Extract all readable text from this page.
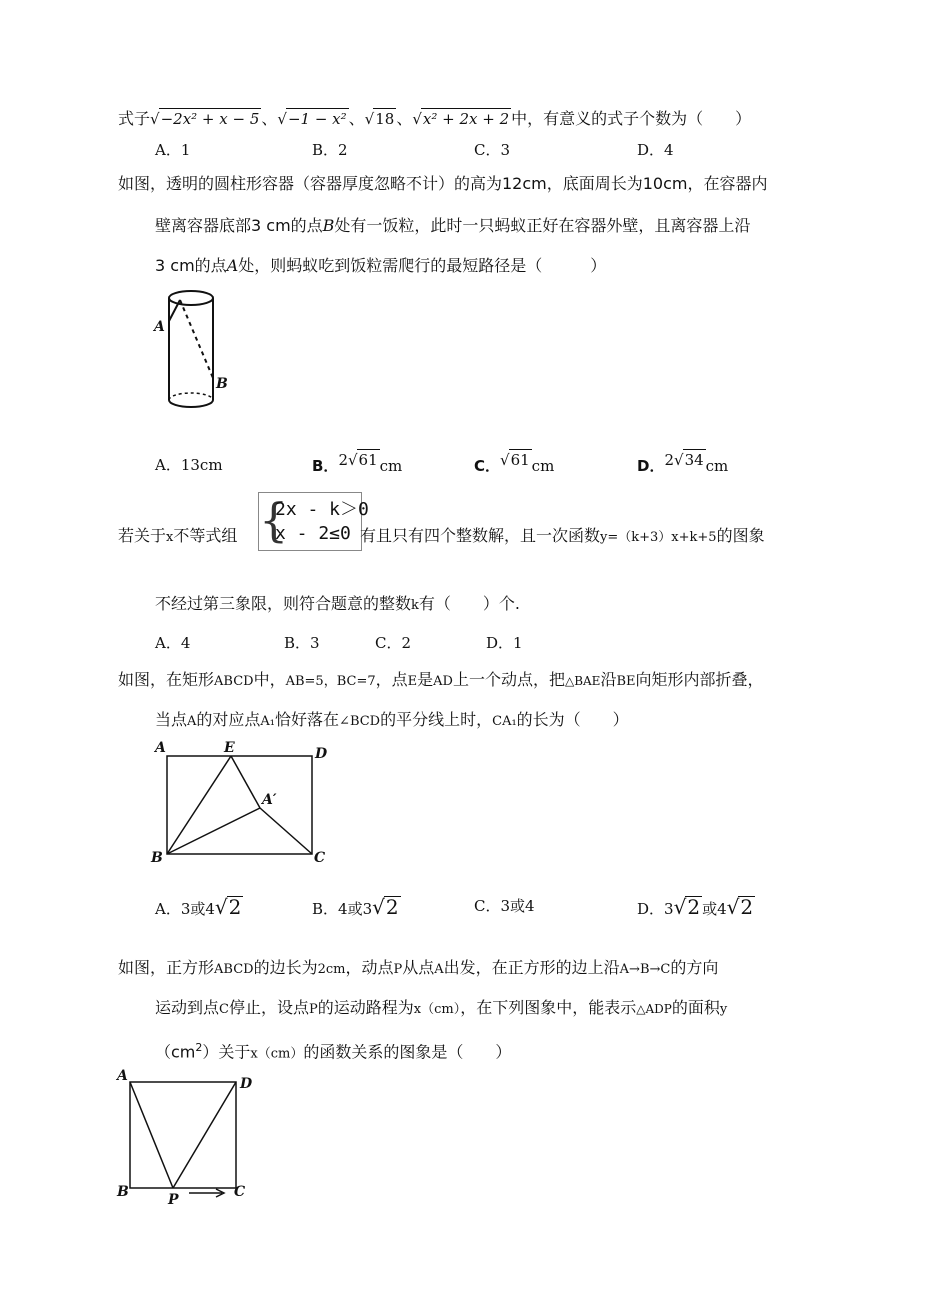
式子√−2x² + x − 5 、√−1 − x² 、√18 、√x² + 2x + 2 中，有意义的式子个数为（　　）
A．1	B．2	C．3	D．4
如图，透明的圆柱形容器（容器厚度忽略不计）的高为12cm，底面周长为10cm，在容器内
壁离容器底部3 cm的点B处有一饭粒，此时一只蚂蚁正好在容器外壁，且离容器上沿
3 cm的点A处，则蚂蚁吃到饭粒需爬行的最短路径是（　　　）
A
B
A．13cm	B．2√61 cm	C．√61 cm	D．2√34 cm
若关于x不等式组 {
2x - k＞0
x - 2≤0 有且只有四个整数解，且一次函数y=（k+3）x+k+5的图象
不经过第三象限，则符合题意的整数k有（　　）个.
A．4	B．3	C．2	D．1
如图，在矩形ABCD中，AB=5，BC=7，点E是AD上一个动点，把△BAE沿BE向矩形内部折叠，
当点A的对应点A₁恰好落在∠BCD的平分线上时，CA₁的长为（　　）
A	E	D
A′
B	C
A．3或4√2	B．4或3√2	C．3或4	D．3√2 或4√2
如图，正方形ABCD的边长为2cm，动点P从点A出发，在正方形的边上沿A→B→C的方向
运动到点C停止，设点P的运动路程为x（cm），在下列图象中，能表示△ADP的面积y
$(cm^2)$关于x（cm）的函数关系的图象是（　　）
A	D
B	P	C
